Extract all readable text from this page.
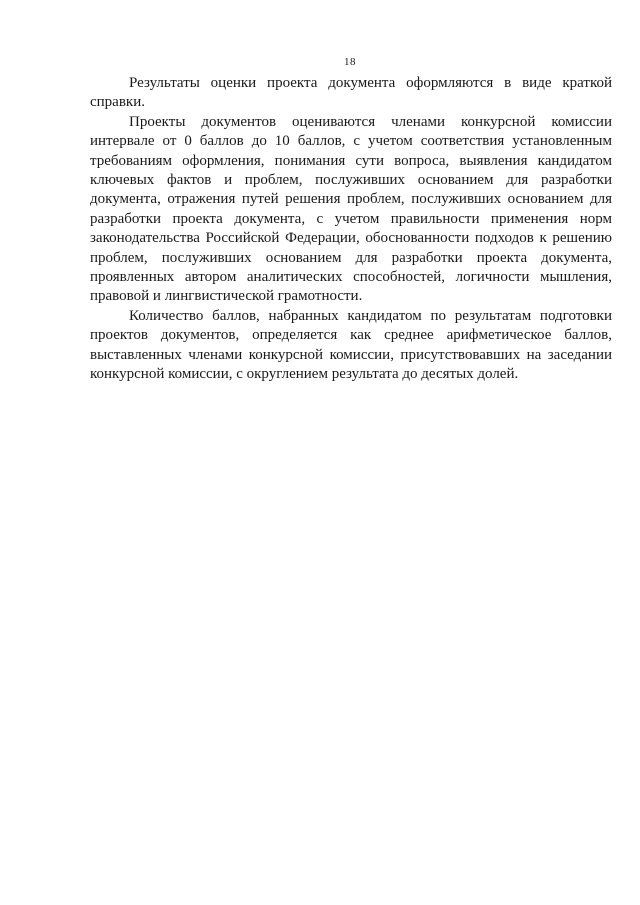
18

Результаты оценки проекта документа оформляются в виде краткой справки.

Проекты документов оцениваются членами конкурсной комиссии интервале от 0 баллов до 10 баллов, с учетом соответствия установленным требованиям оформления, понимания сути вопроса, выявления кандидатом ключевых фактов и проблем, послуживших основанием для разработки документа, отражения путей решения проблем, послуживших основанием для разработки проекта документа, с учетом правильности применения норм законодательства Российской Федерации, обоснованности подходов к решению проблем, послуживших основанием для разработки проекта документа, проявленных автором аналитических способностей, логичности мышления, правовой и лингвистической грамотности.

Количество баллов, набранных кандидатом по результатам подготовки проектов документов, определяется как среднее арифметическое баллов, выставленных членами конкурсной комиссии, присутствовавших на заседании конкурсной комиссии, с округлением результата до десятых долей.
